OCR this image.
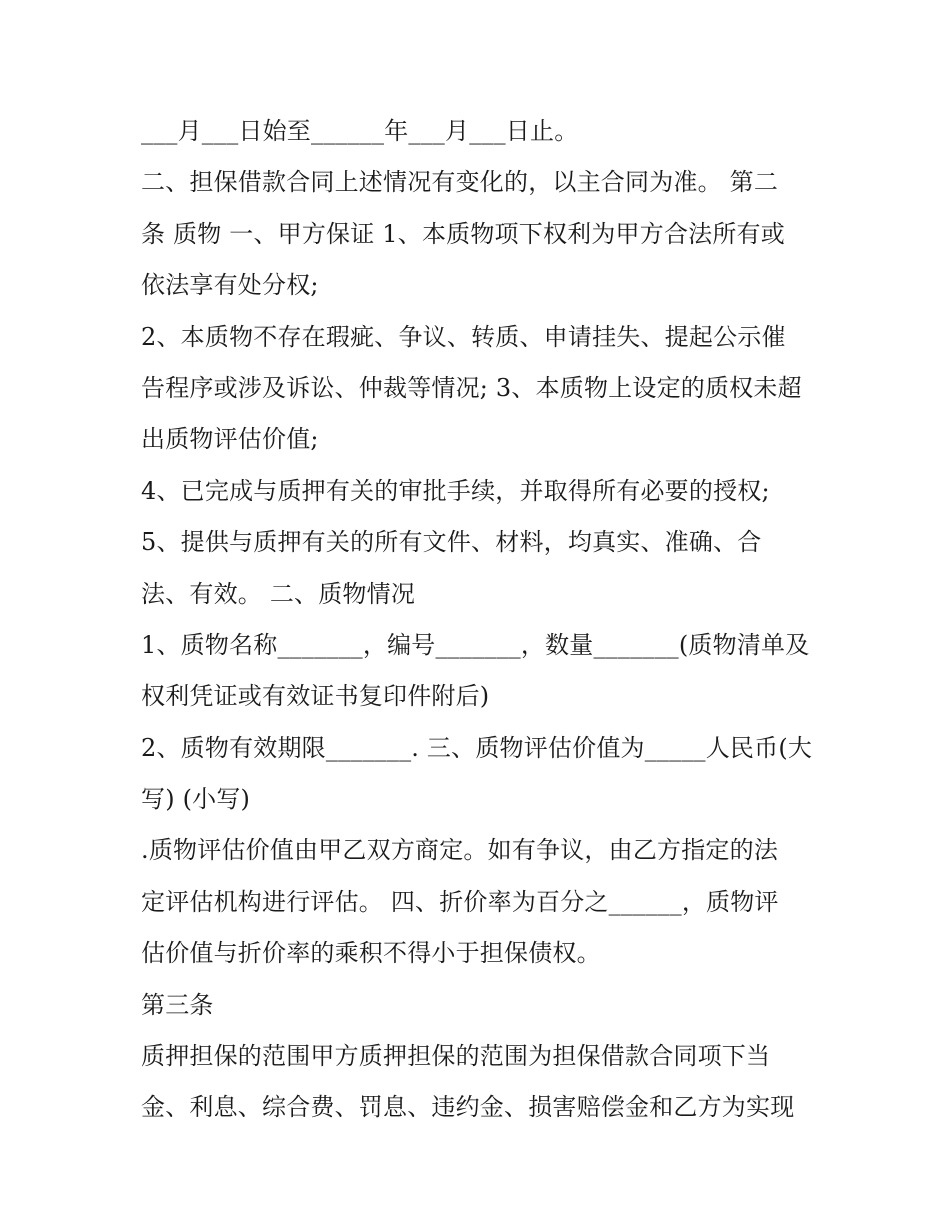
___月___日始至______年___月___日止。
二、担保借款合同上述情况有变化的，以主合同为准。 第二
条 质物 一、甲方保证 1、本质物项下权利为甲方合法所有或
依法享有处分权;
2、本质物不存在瑕疵、争议、转质、申请挂失、提起公示催
告程序或涉及诉讼、仲裁等情况; 3、本质物上设定的质权未超
出质物评估价值;
4、已完成与质押有关的审批手续，并取得所有必要的授权;
5、提供与质押有关的所有文件、材料，均真实、准确、合
法、有效。 二、质物情况
1、质物名称_______，编号_______，数量_______(质物清单及
权利凭证或有效证书复印件附后)
2、质物有效期限_______. 三、质物评估价值为_____人民币(大
写) (小写)
.质物评估价值由甲乙双方商定。如有争议，由乙方指定的法
定评估机构进行评估。 四、折价率为百分之______，质物评
估价值与折价率的乘积不得小于担保债权。
第三条
质押担保的范围甲方质押担保的范围为担保借款合同项下当
金、利息、综合费、罚息、违约金、损害赔偿金和乙方为实现
